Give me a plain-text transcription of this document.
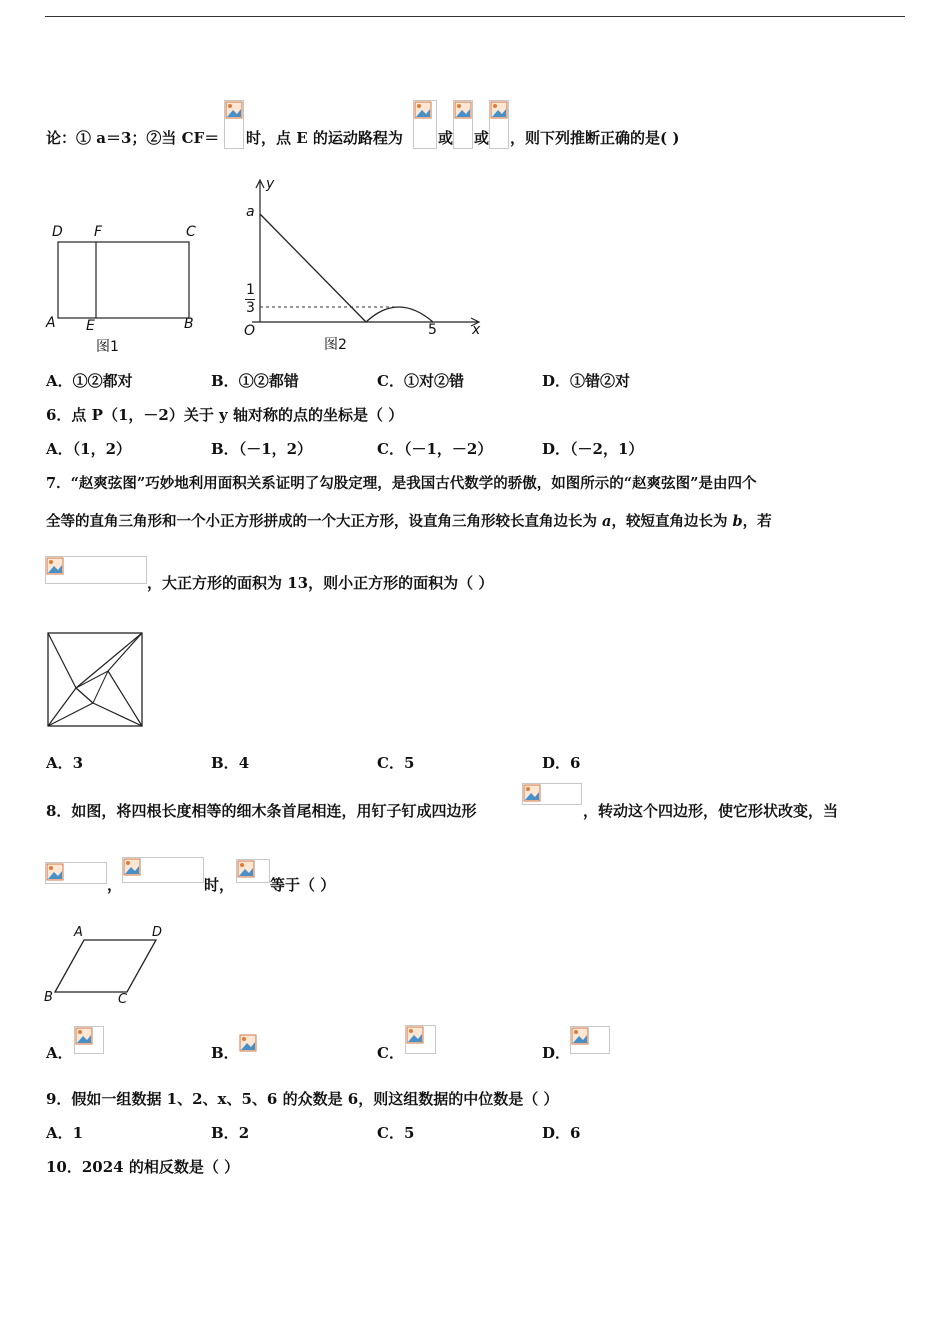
论：① a＝3；②当 CF＝ 时，点 E 的运动路程为 或 或 ，则下列推断正确的是( )
D F	C
A E	B
图1
y
a
1
3
O	5	x
图2
A．①②都对	B．①②都错	C．①对②错	D．①错②对
6．点 P（1，－2）关于 y 轴对称的点的坐标是（ ）
A．（1，2）	B．（－1，2）	C．（－1，－2）	D．（－2，1）
7．“赵爽弦图”巧妙地利用面积关系证明了勾股定理，是我国古代数学的骄傲，如图所示的“赵爽弦图”是由四个
全等的直角三角形和一个小正方形拼成的一个大正方形，设直角三角形较长直角边长为 a，较短直角边长为 b，若
，大正方形的面积为 13，则小正方形的面积为（ ）
A．3	B．4	C．5	D．6
8．如图，将四根长度相等的细木条首尾相连，用钉子钉成四边形	，转动这个四边形，使它形状改变，当
，	时， 等于（ ）
A	D
B	C
A．	B．	C．	D．
9．假如一组数据 1、2、x、5、6 的众数是 6，则这组数据的中位数是（ ）
A．1	B．2	C．5	D．6
10．2024 的相反数是（ ）
